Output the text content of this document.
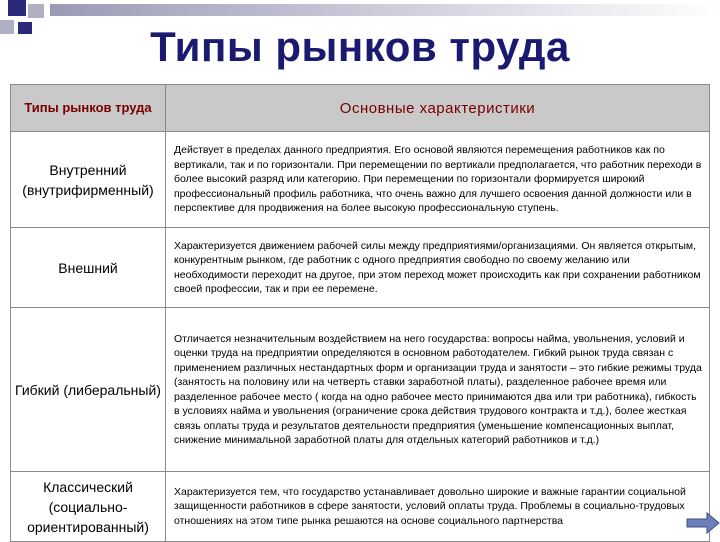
Типы рынков труда
Типы рынков труда	Основные характеристики
Внутренний (внутрифирменный)	Действует в пределах данного предприятия. Его основой являются перемещения работников как по вертикали, так и по горизонтали. При перемещении по вертикали предполагается, что работник переходи в более высокий разряд или категорию. При перемещении по горизонтали формируется широкий профессиональный профиль работника, что очень важно для лучшего освоения данной должности или в перспективе для продвижения на более высокую профессиональную ступень.
Внешний	Характеризуется движением рабочей силы между предприятиями/организациями. Он является открытым, конкурентным рынком, где работник с одного предприятия свободно по своему желанию или необходимости переходит на другое, при этом переход может происходить как при сохранении работником своей профессии, так и при ее перемене.
Гибкий (либеральный)	Отличается незначительным воздействием на него государства: вопросы найма, увольнения, условий и оценки труда на предприятии определяются в основном работодателем. Гибкий рынок труда связан с применением различных нестандартных форм и организации труда и занятости – это гибкие режимы труда (занятость на половину или на четверть ставки заработной платы), разделенное рабочее время или разделенное рабочее место ( когда на одно рабочее место принимаются два или три работника), гибкость в условиях найма и увольнения (ограничение срока действия трудового контракта и т.д.), более жесткая связь оплаты труда и результатов деятельности предприятия (уменьшение компенсационных выплат, снижение минимальной заработной платы для отдельных категорий работников и т.д.)
Классический (социально-ориентированный)	Характеризуется тем, что государство устанавливает довольно широкие и важные гарантии социальной защищенности работников в сфере занятости, условий оплаты труда. Проблемы в социально-трудовых отношениях на этом типе рынка решаются на основе социального партнерства
